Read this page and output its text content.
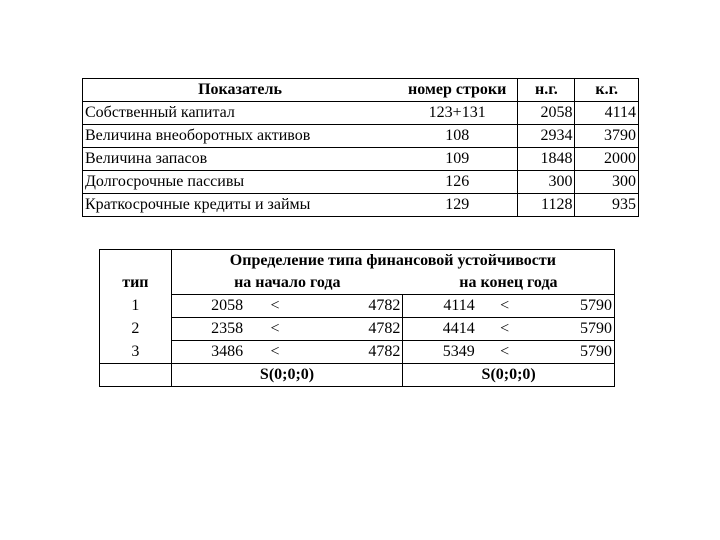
Показатель	номер строки	н.г.	к.г.
Собственный капитал	123+131	2058	4114
Величина внеоборотных активов	108	2934	3790
Величина запасов	109	1848	2000
Долгосрочные пассивы	126	300	300
Краткосрочные кредиты и займы	129	1128	935
	Определение типа финансовой устойчивости					
тип	на начало года			на конец года		
1	2058	<	4782	4114	<	5790
2	2358	<	4782	4414	<	5790
3	3486	<	4782	5349	<	5790
	S(0;0;0)			S(0;0;0)		
